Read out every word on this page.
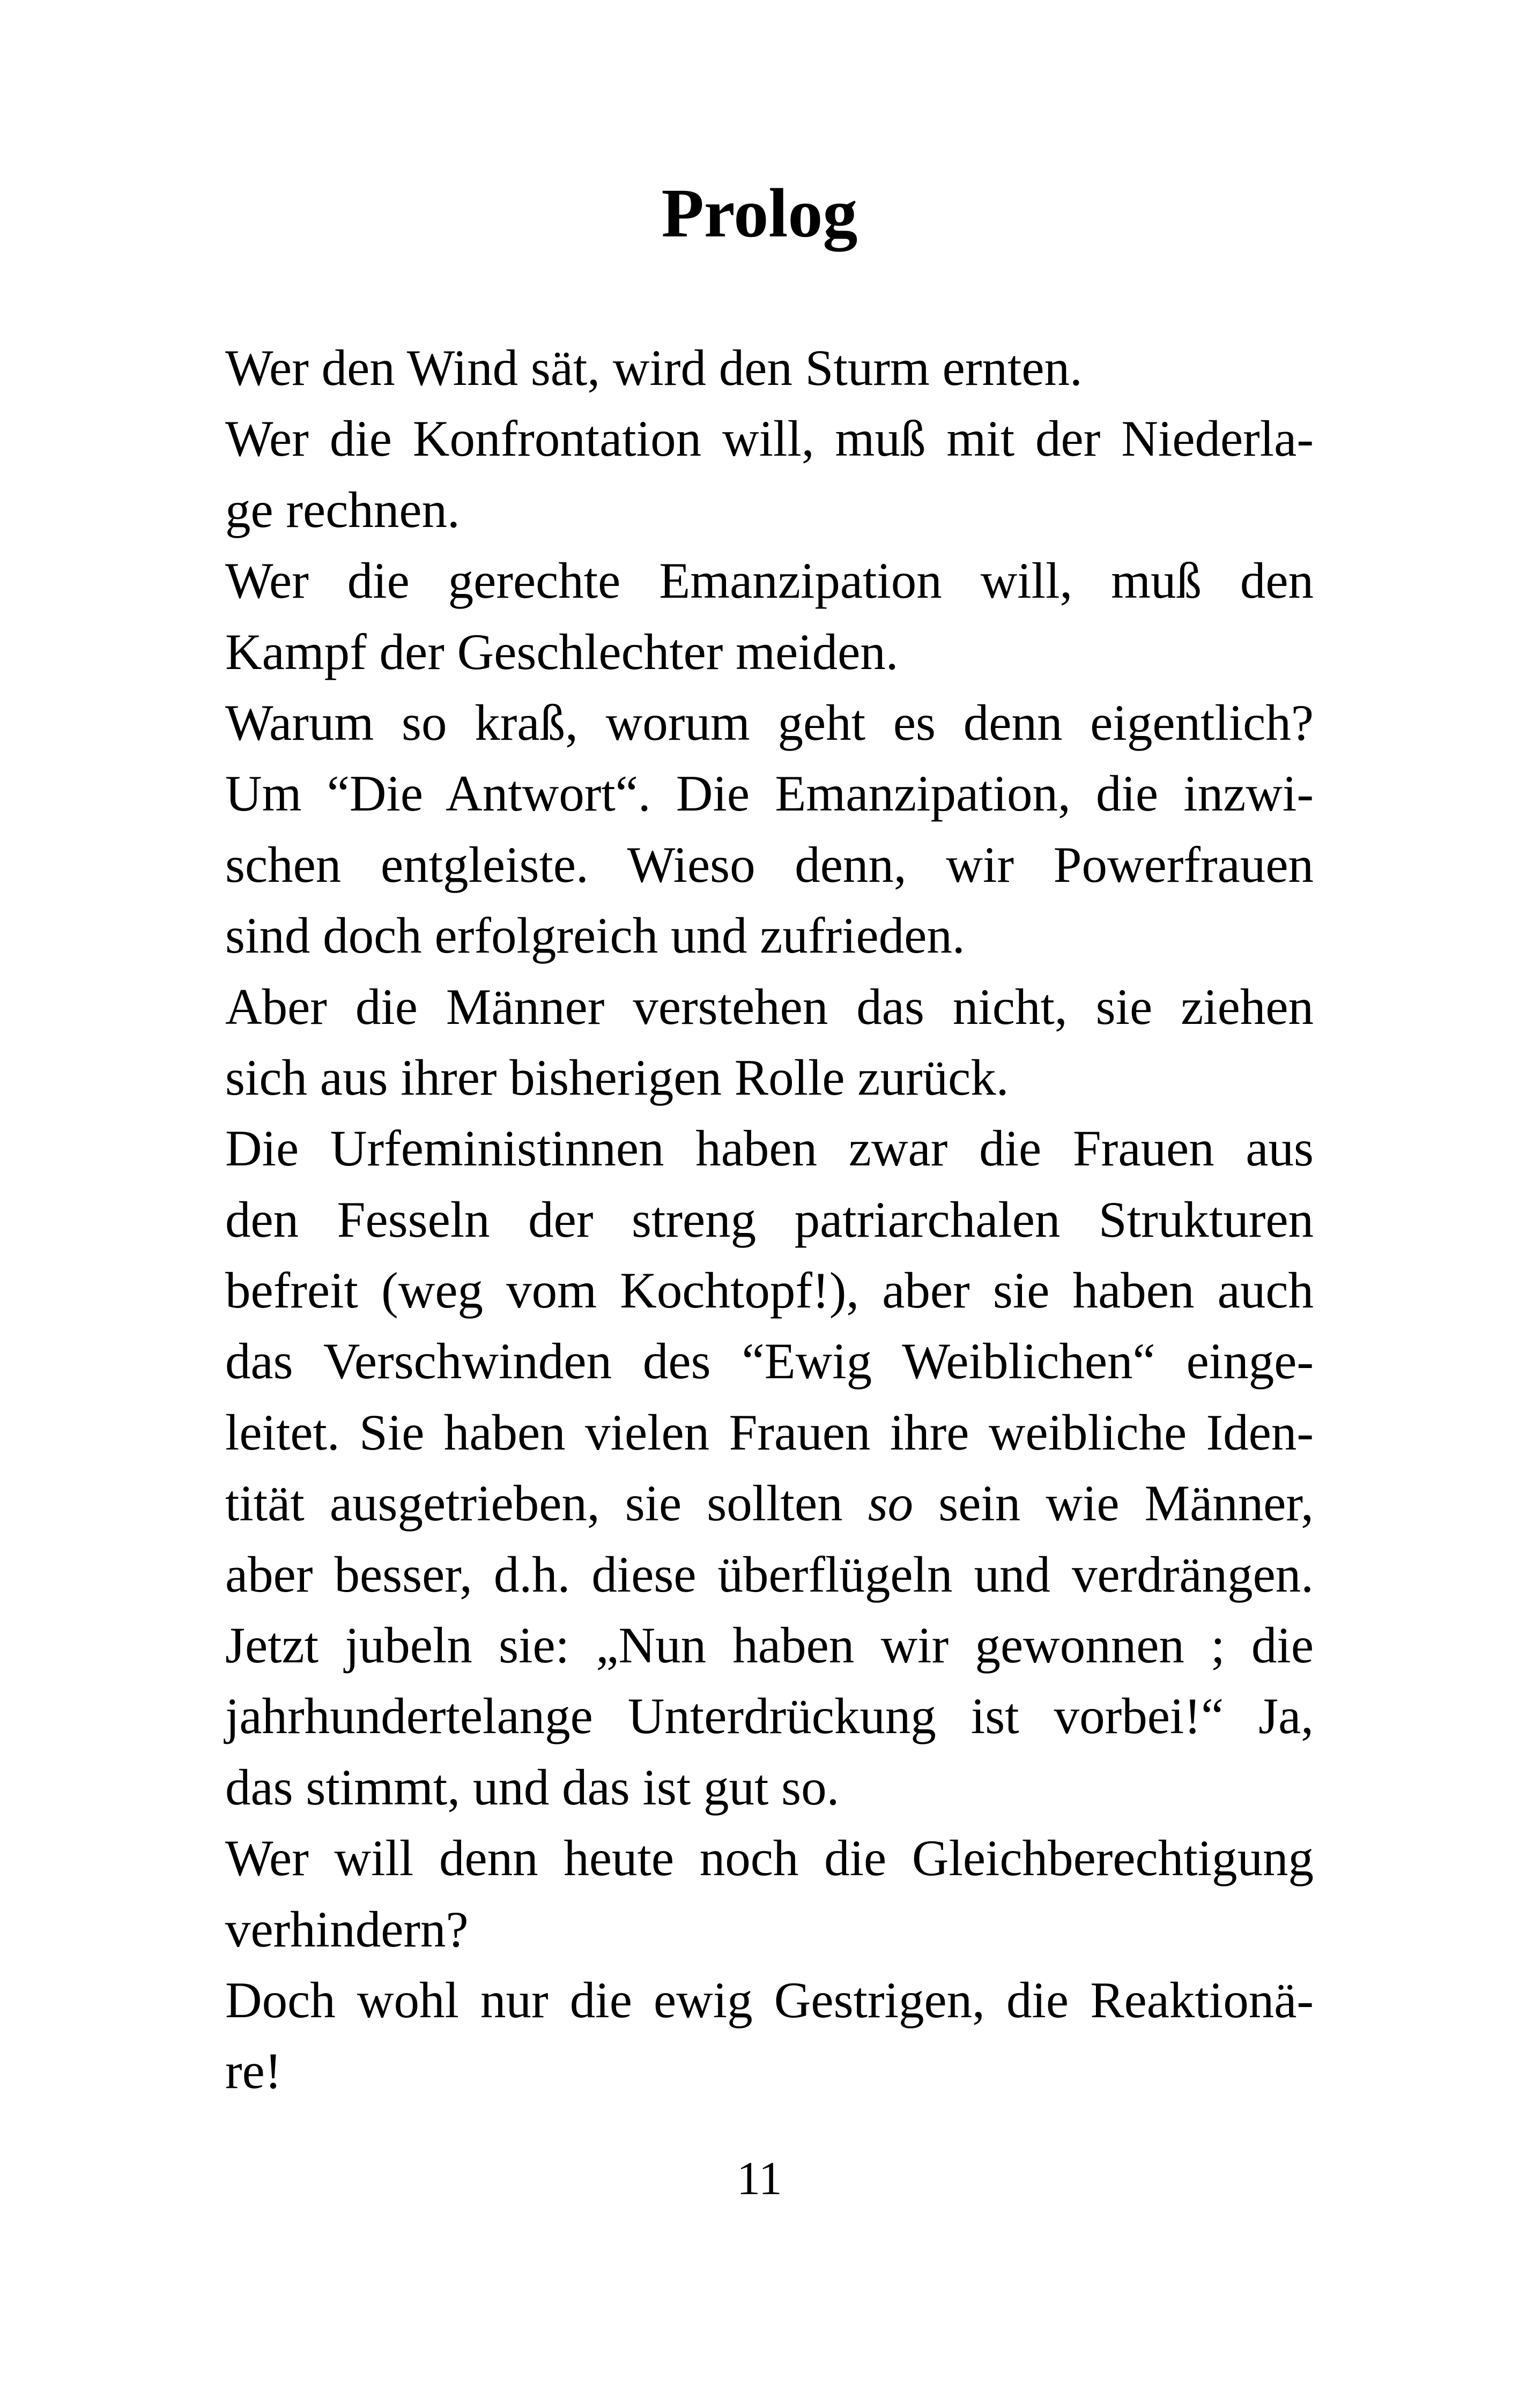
Prolog
Wer den Wind sät, wird den Sturm ernten.
Wer die Konfrontation will, muß mit der Niederla-
ge rechnen.
Wer die gerechte Emanzipation will, muß den
Kampf der Geschlechter meiden.
Warum so kraß, worum geht es denn eigentlich?
Um “Die Antwort“. Die Emanzipation, die inzwi-
schen entgleiste. Wieso denn, wir Powerfrauen
sind doch erfolgreich und zufrieden.
Aber die Männer verstehen das nicht, sie ziehen
sich aus ihrer bisherigen Rolle zurück.
Die Urfeministinnen haben zwar die Frauen aus
den Fesseln der streng patriarchalen Strukturen
befreit (weg vom Kochtopf!), aber sie haben auch
das Verschwinden des “Ewig Weiblichen“ einge-
leitet. Sie haben vielen Frauen ihre weibliche Iden-
tität ausgetrieben, sie sollten so sein wie Männer,
aber besser, d.h. diese überflügeln und verdrängen.
Jetzt jubeln sie: „Nun haben wir gewonnen ; die
jahrhundertelange Unterdrückung ist vorbei!“ Ja,
das stimmt, und das ist gut so.
Wer will denn heute noch die Gleichberechtigung
verhindern?
Doch wohl nur die ewig Gestrigen, die Reaktionä-
re!
11
